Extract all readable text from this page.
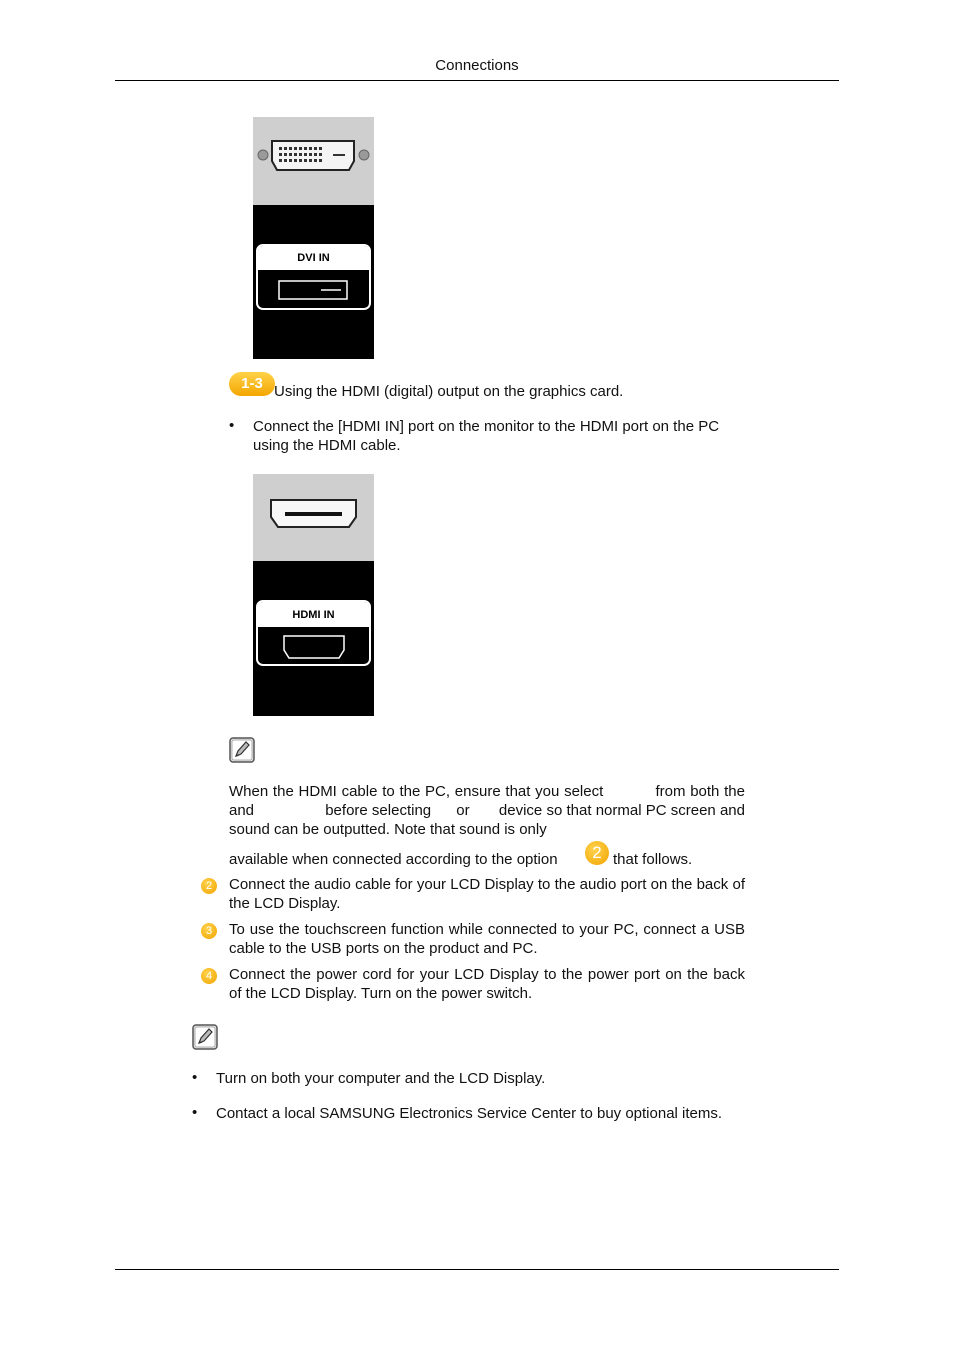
Connections
DVI IN
1-3 Using the HDMI (digital) output on the graphics card.
•	Connect the [HDMI IN] port on the monitor to the HDMI port on the PC using the HDMI cable.
HDMI IN
When the HDMI cable to the PC, ensure that you select           from both the                  and                 before selecting      or       device so that normal PC screen and sound can be outputted. Note that sound is only
available when connected according to the option	2 that follows.
2	Connect the audio cable for your LCD Display to the audio port on the back of the LCD Display.
3	To use the touchscreen function while connected to your PC, connect a USB cable to the USB ports on the product and PC.
4	Connect the power cord for your LCD Display to the power port on the back of the LCD Display. Turn on the power switch.
•	Turn on both your computer and the LCD Display.
•	Contact a local SAMSUNG Electronics Service Center to buy optional items.
